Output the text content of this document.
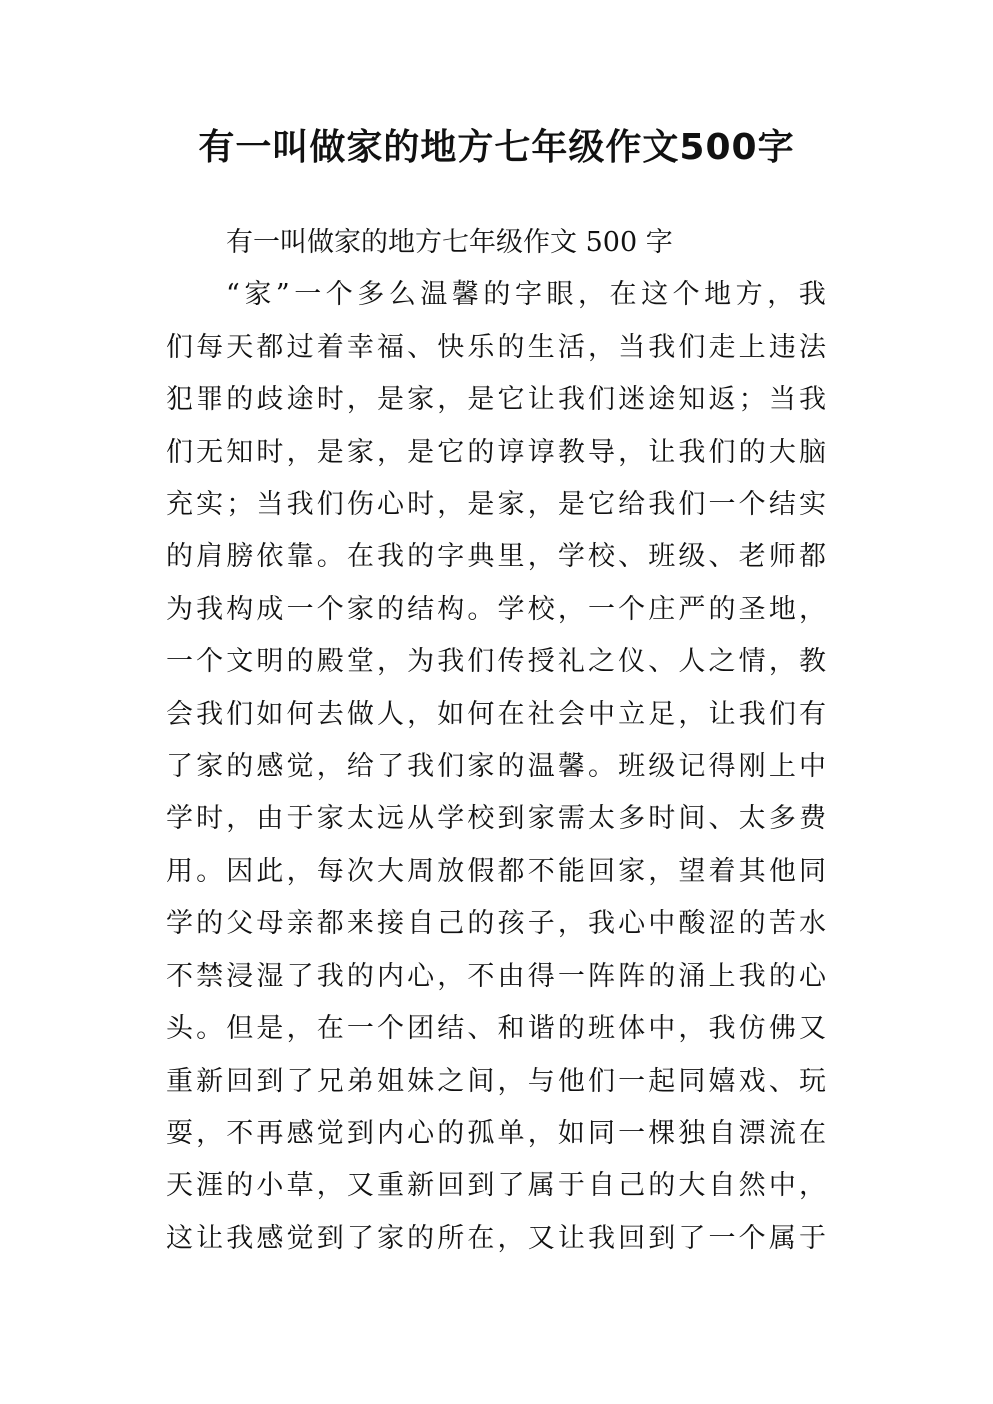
有一叫做家的地方七年级作文500字

有一叫做家的地方七年级作文 500 字

“ 家 ” 一 个 多 么 温 馨 的 字 眼 ， 在 这 个 地 方 ， 我

们 每 天 都 过 着 幸 福 、 快 乐 的 生 活 ， 当 我 们 走 上 违 法

犯 罪 的 歧 途 时 ， 是 家 ， 是 它 让 我 们 迷 途 知 返 ； 当 我

们 无 知 时 ， 是 家 ， 是 它 的 谆 谆 教 导 ， 让 我 们 的 大 脑

充 实 ； 当 我 们 伤 心 时 ， 是 家 ， 是 它 给 我 们 一 个 结 实

的 肩 膀 依 靠 。 在 我 的 字 典 里 ， 学 校 、 班 级 、 老 师 都

为 我 构 成 一 个 家 的 结 构 。 学 校 ， 一 个 庄 严 的 圣 地 ，

一 个 文 明 的 殿 堂 ， 为 我 们 传 授 礼 之 仪 、 人 之 情 ， 教

会 我 们 如 何 去 做 人 ， 如 何 在 社 会 中 立 足 ， 让 我 们 有

了 家 的 感 觉 ， 给 了 我 们 家 的 温 馨 。 班 级 记 得 刚 上 中

学 时 ， 由 于 家 太 远 从 学 校 到 家 需 太 多 时 间 、 太 多 费

用 。 因 此 ， 每 次 大 周 放 假 都 不 能 回 家 ， 望 着 其 他 同

学 的 父 母 亲 都 来 接 自 己 的 孩 子 ， 我 心 中 酸 涩 的 苦 水

不 禁 浸 湿 了 我 的 内 心 ， 不 由 得 一 阵 阵 的 涌 上 我 的 心

头 。 但 是 ， 在 一 个 团 结 、 和 谐 的 班 体 中 ， 我 仿 佛 又

重 新 回 到 了 兄 弟 姐 妹 之 间 ， 与 他 们 一 起 同 嬉 戏 、 玩

耍 ， 不 再 感 觉 到 内 心 的 孤 单 ， 如 同 一 棵 独 自 漂 流 在

天 涯 的 小 草 ， 又 重 新 回 到 了 属 于 自 己 的 大 自 然 中 ，

这 让 我 感 觉 到 了 家 的 所 在 ， 又 让 我 回 到 了 一 个 属 于
